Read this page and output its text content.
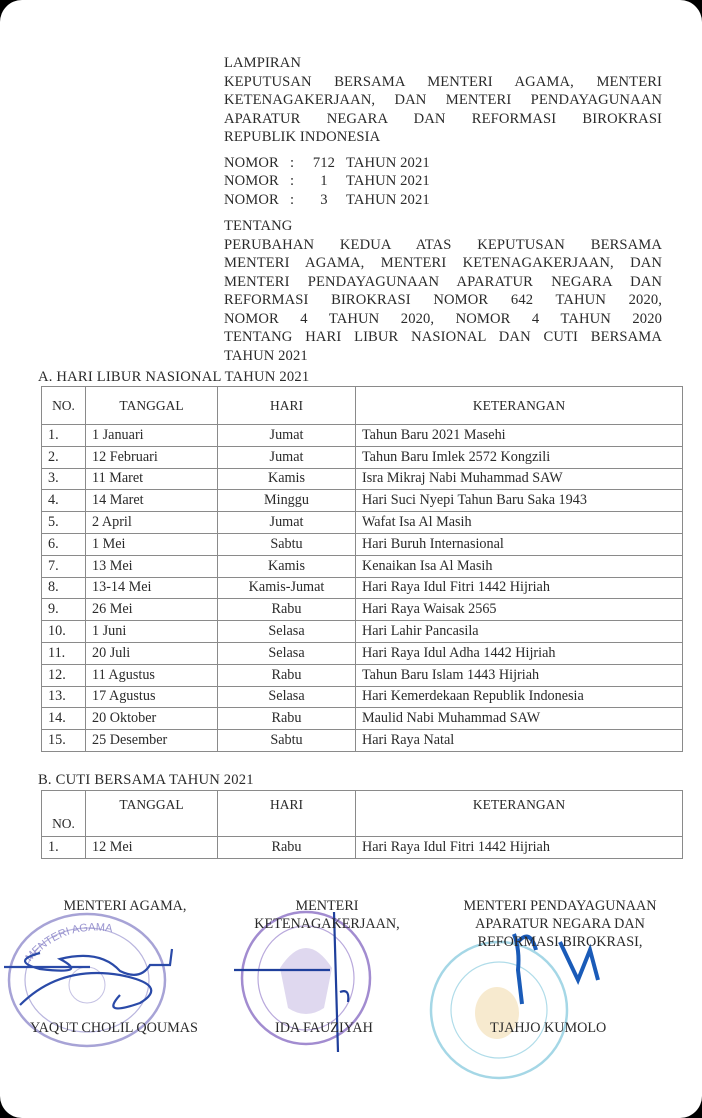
LAMPIRAN
KEPUTUSAN BERSAMA MENTERI AGAMA, MENTERI
KETENAGAKERJAAN, DAN MENTERI PENDAYAGUNAAN
APARATUR NEGARA DAN REFORMASI BIROKRASI
REPUBLIK INDONESIA
NOMOR :	712 TAHUN 2021
NOMOR :	1	TAHUN 2021
NOMOR :	3	TAHUN 2021
TENTANG
PERUBAHAN KEDUA ATAS KEPUTUSAN BERSAMA
MENTERI AGAMA, MENTERI KETENAGAKERJAAN, DAN
MENTERI PENDAYAGUNAAN APARATUR NEGARA DAN
REFORMASI BIROKRASI NOMOR 642 TAHUN 2020,
NOMOR 4 TAHUN 2020, NOMOR 4 TAHUN 2020
TENTANG HARI LIBUR NASIONAL DAN CUTI BERSAMA
TAHUN 2021
A. HARI LIBUR NASIONAL TAHUN 2021
NO.	TANGGAL	HARI	KETERANGAN
1.	1 Januari	Jumat	Tahun Baru 2021 Masehi
2.	12 Februari	Jumat	Tahun Baru Imlek 2572 Kongzili
3.	11 Maret	Kamis	Isra Mikraj Nabi Muhammad SAW
4.	14 Maret	Minggu	Hari Suci Nyepi Tahun Baru Saka 1943
5.	2 April	Jumat	Wafat Isa Al Masih
6.	1 Mei	Sabtu	Hari Buruh Internasional
7.	13 Mei	Kamis	Kenaikan Isa Al Masih
8.	13-14 Mei	Kamis-Jumat	Hari Raya Idul Fitri 1442 Hijriah
9.	26 Mei	Rabu	Hari Raya Waisak 2565
10.	1 Juni	Selasa	Hari Lahir Pancasila
11.	20 Juli	Selasa	Hari Raya Idul Adha 1442 Hijriah
12.	11 Agustus	Rabu	Tahun Baru Islam 1443 Hijriah
13.	17 Agustus	Selasa	Hari Kemerdekaan Republik Indonesia
14.	20 Oktober	Rabu	Maulid Nabi Muhammad SAW
15.	25 Desember	Sabtu	Hari Raya Natal
B. CUTI BERSAMA TAHUN 2021
NO.	TANGGAL	HARI	KETERANGAN
1.	12 Mei	Rabu	Hari Raya Idul Fitri 1442 Hijriah
MENTERI AGAMA
MENTERI AGAMA,	MENTERI
KETENAGAKERJAAN,
MENTERI PENDAYAGUNAAN
APARATUR NEGARA DAN
REFORMASI BIROKRASI,
YAQUT CHOLIL QOUMAS	IDA FAUZIYAH	TJAHJO KUMOLO
